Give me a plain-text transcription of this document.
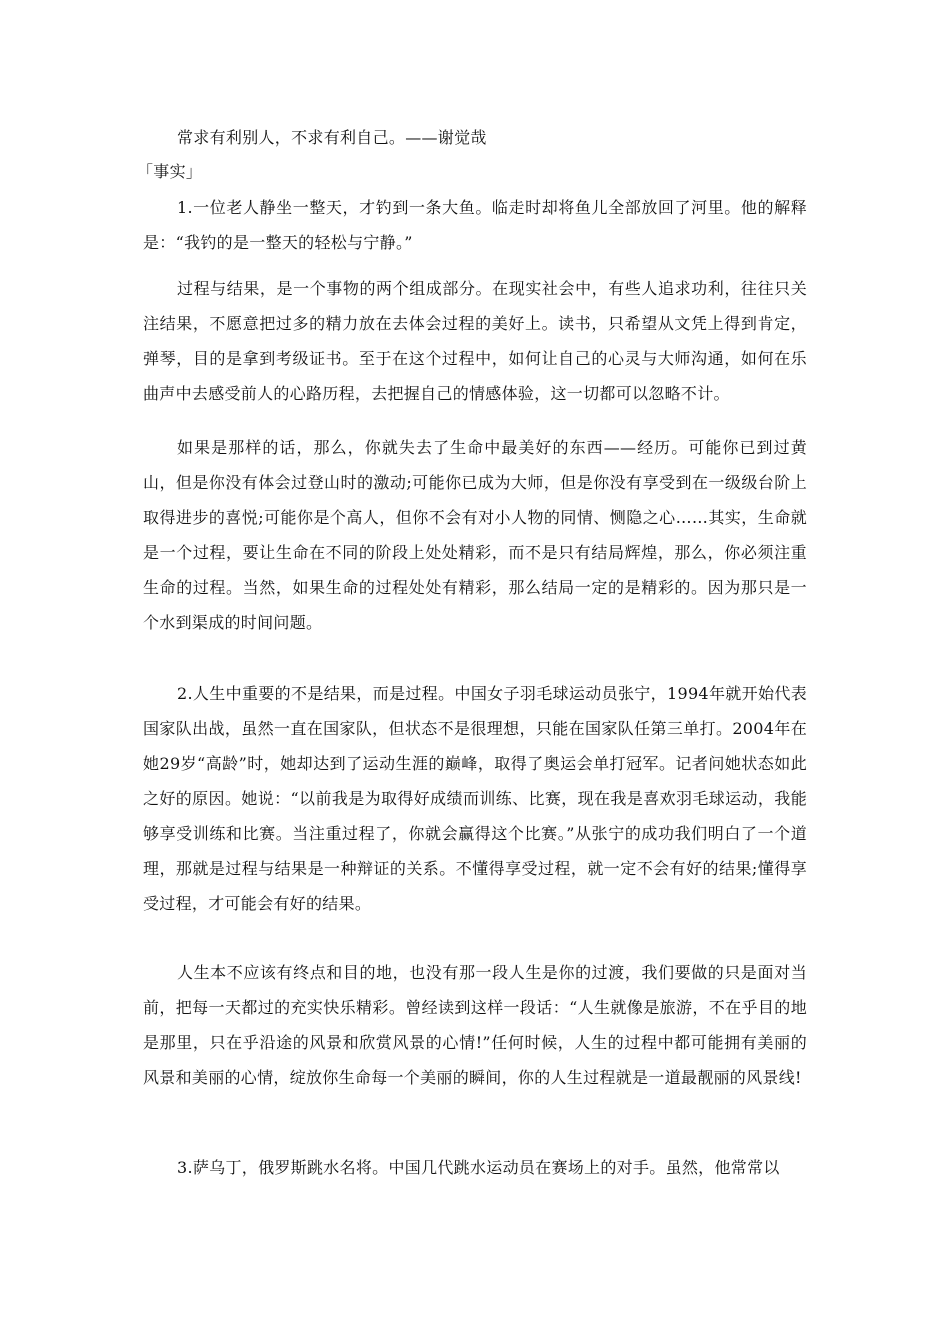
常求有利别人，不求有利自己。——谢觉哉

「事实」

1.一位老人静坐一整天，才钓到一条大鱼。临走时却将鱼儿全部放回了河里。他的解释是：“我钓的是一整天的轻松与宁静。”

过程与结果，是一个事物的两个组成部分。在现实社会中，有些人追求功利，往往只关注结果，不愿意把过多的精力放在去体会过程的美好上。读书，只希望从文凭上得到肯定，弹琴，目的是拿到考级证书。至于在这个过程中，如何让自己的心灵与大师沟通，如何在乐曲声中去感受前人的心路历程，去把握自己的情感体验，这一切都可以忽略不计。

如果是那样的话，那么，你就失去了生命中最美好的东西——经历。可能你已到过黄山，但是你没有体会过登山时的激动;可能你已成为大师，但是你没有享受到在一级级台阶上取得进步的喜悦;可能你是个高人，但你不会有对小人物的同情、恻隐之心……其实，生命就是一个过程，要让生命在不同的阶段上处处精彩，而不是只有结局辉煌，那么，你必须注重生命的过程。当然，如果生命的过程处处有精彩，那么结局一定的是精彩的。因为那只是一个水到渠成的时间问题。

2.人生中重要的不是结果，而是过程。中国女子羽毛球运动员张宁，1994年就开始代表国家队出战，虽然一直在国家队，但状态不是很理想，只能在国家队任第三单打。2004年在她29岁“高龄”时，她却达到了运动生涯的巅峰，取得了奥运会单打冠军。记者问她状态如此之好的原因。她说：“以前我是为取得好成绩而训练、比赛，现在我是喜欢羽毛球运动，我能够享受训练和比赛。当注重过程了，你就会赢得这个比赛。”从张宁的成功我们明白了一个道理，那就是过程与结果是一种辩证的关系。不懂得享受过程，就一定不会有好的结果;懂得享受过程，才可能会有好的结果。

人生本不应该有终点和目的地，也没有那一段人生是你的过渡，我们要做的只是面对当前，把每一天都过的充实快乐精彩。曾经读到这样一段话：“人生就像是旅游，不在乎目的地是那里，只在乎沿途的风景和欣赏风景的心情!”任何时候，人生的过程中都可能拥有美丽的风景和美丽的心情，绽放你生命每一个美丽的瞬间，你的人生过程就是一道最靓丽的风景线!

3.萨乌丁，俄罗斯跳水名将。中国几代跳水运动员在赛场上的对手。虽然，他常常以
